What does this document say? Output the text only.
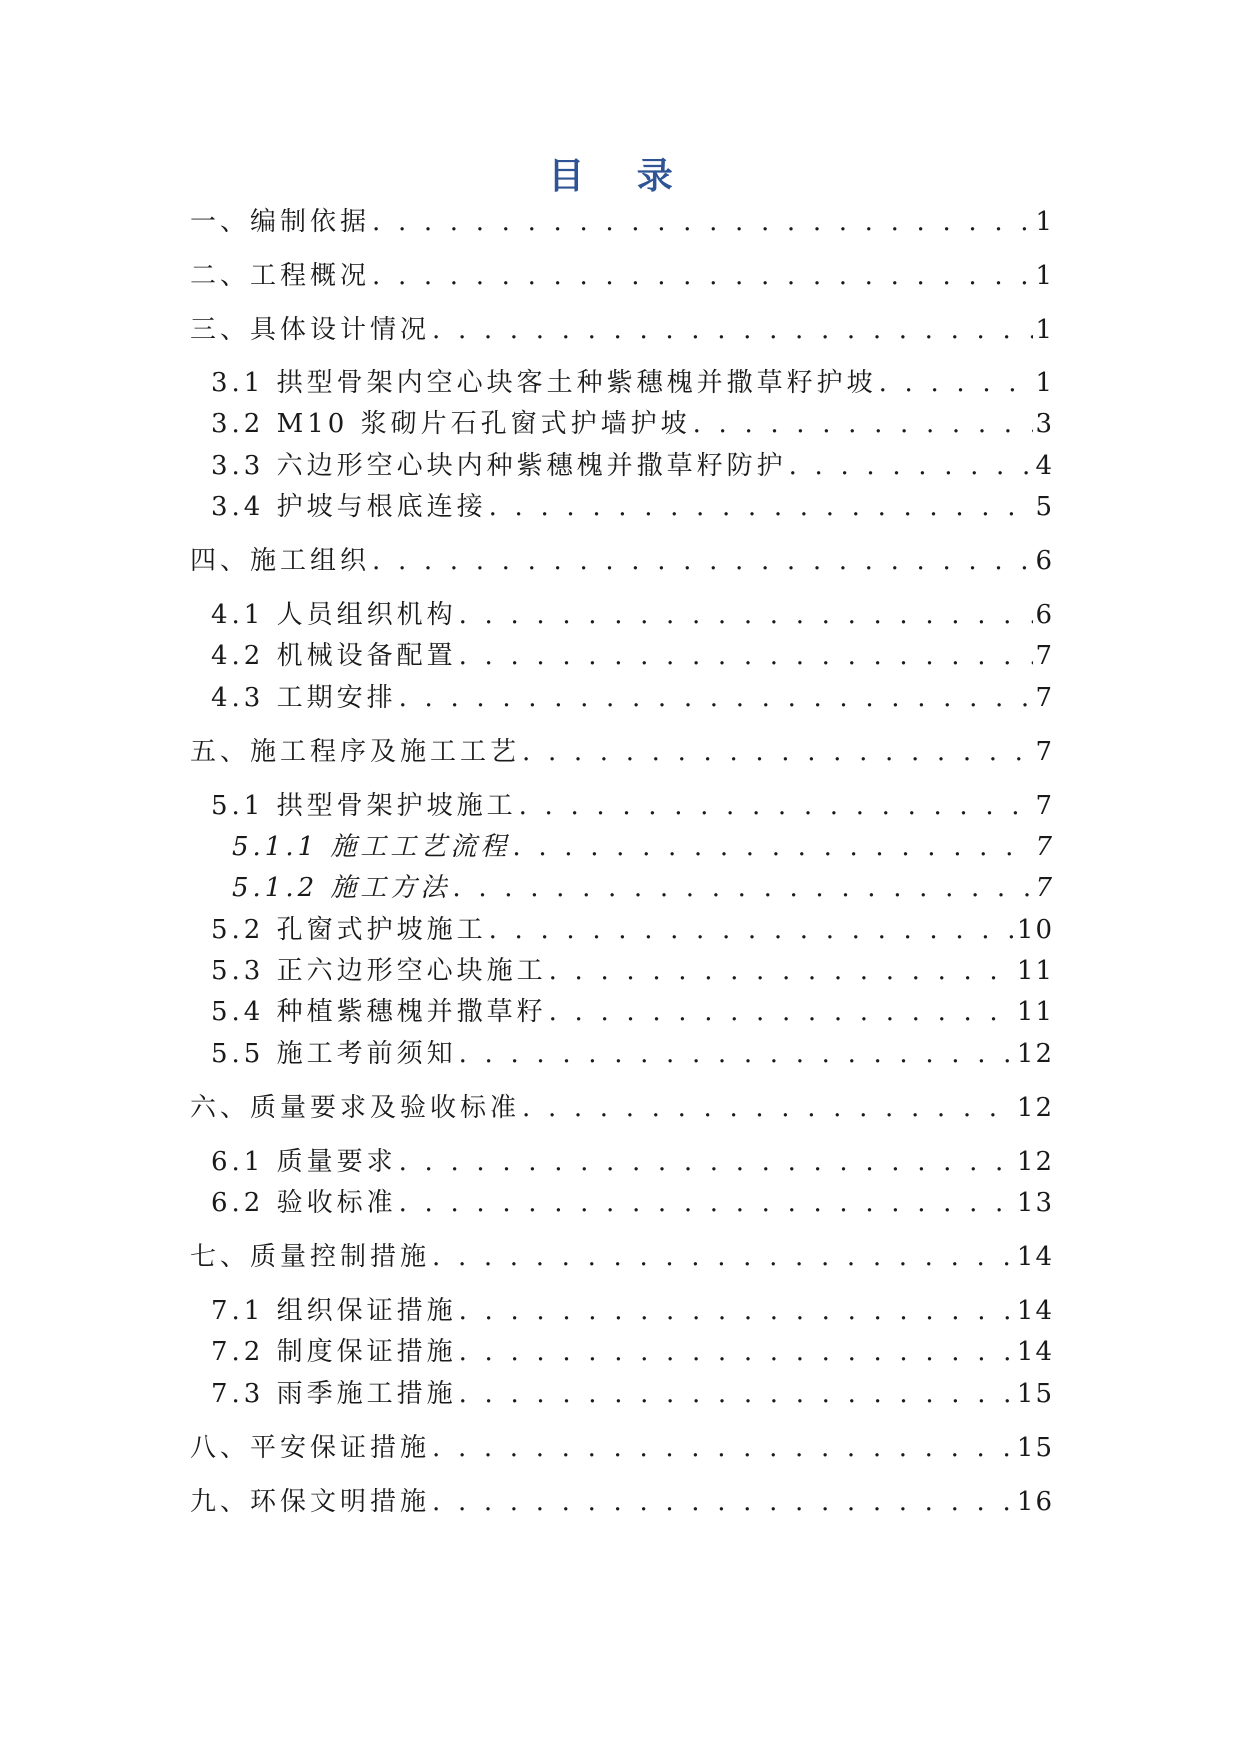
目 录
一、编制依据 . . .	1
二、工程概况 . . .	1
三、具体设计情况 . . .	1
3.1 拱型骨架内空心块客土种紫穗槐并撒草籽护坡 . . .	1
3.2 M10 浆砌片石孔窗式护墙护坡 . . .	3
3.3 六边形空心块内种紫穗槐并撒草籽防护 . . .	4
3.4 护坡与根底连接 . . .	5
四、施工组织 . . .	6
4.1 人员组织机构 . . .	6
4.2 机械设备配置 . . .	7
4.3 工期安排 . . .	7
五、施工程序及施工工艺 . . .	7
5.1 拱型骨架护坡施工 . . .	7
5.1.1 施工工艺流程 . . .	7
5.1.2 施工方法 . . .	7
5.2 孔窗式护坡施工 . . .	10
5.3 正六边形空心块施工 . . .	11
5.4 种植紫穗槐并撒草籽 . . .	11
5.5 施工考前须知 . . .	12
六、质量要求及验收标准 . . .	12
6.1 质量要求 . . .	12
6.2 验收标准 . . .	13
七、质量控制措施 . . .	14
7.1 组织保证措施 . . .	14
7.2 制度保证措施 . . .	14
7.3 雨季施工措施 . . .	15
八、平安保证措施 . . .	15
九、环保文明措施 . . .	16
